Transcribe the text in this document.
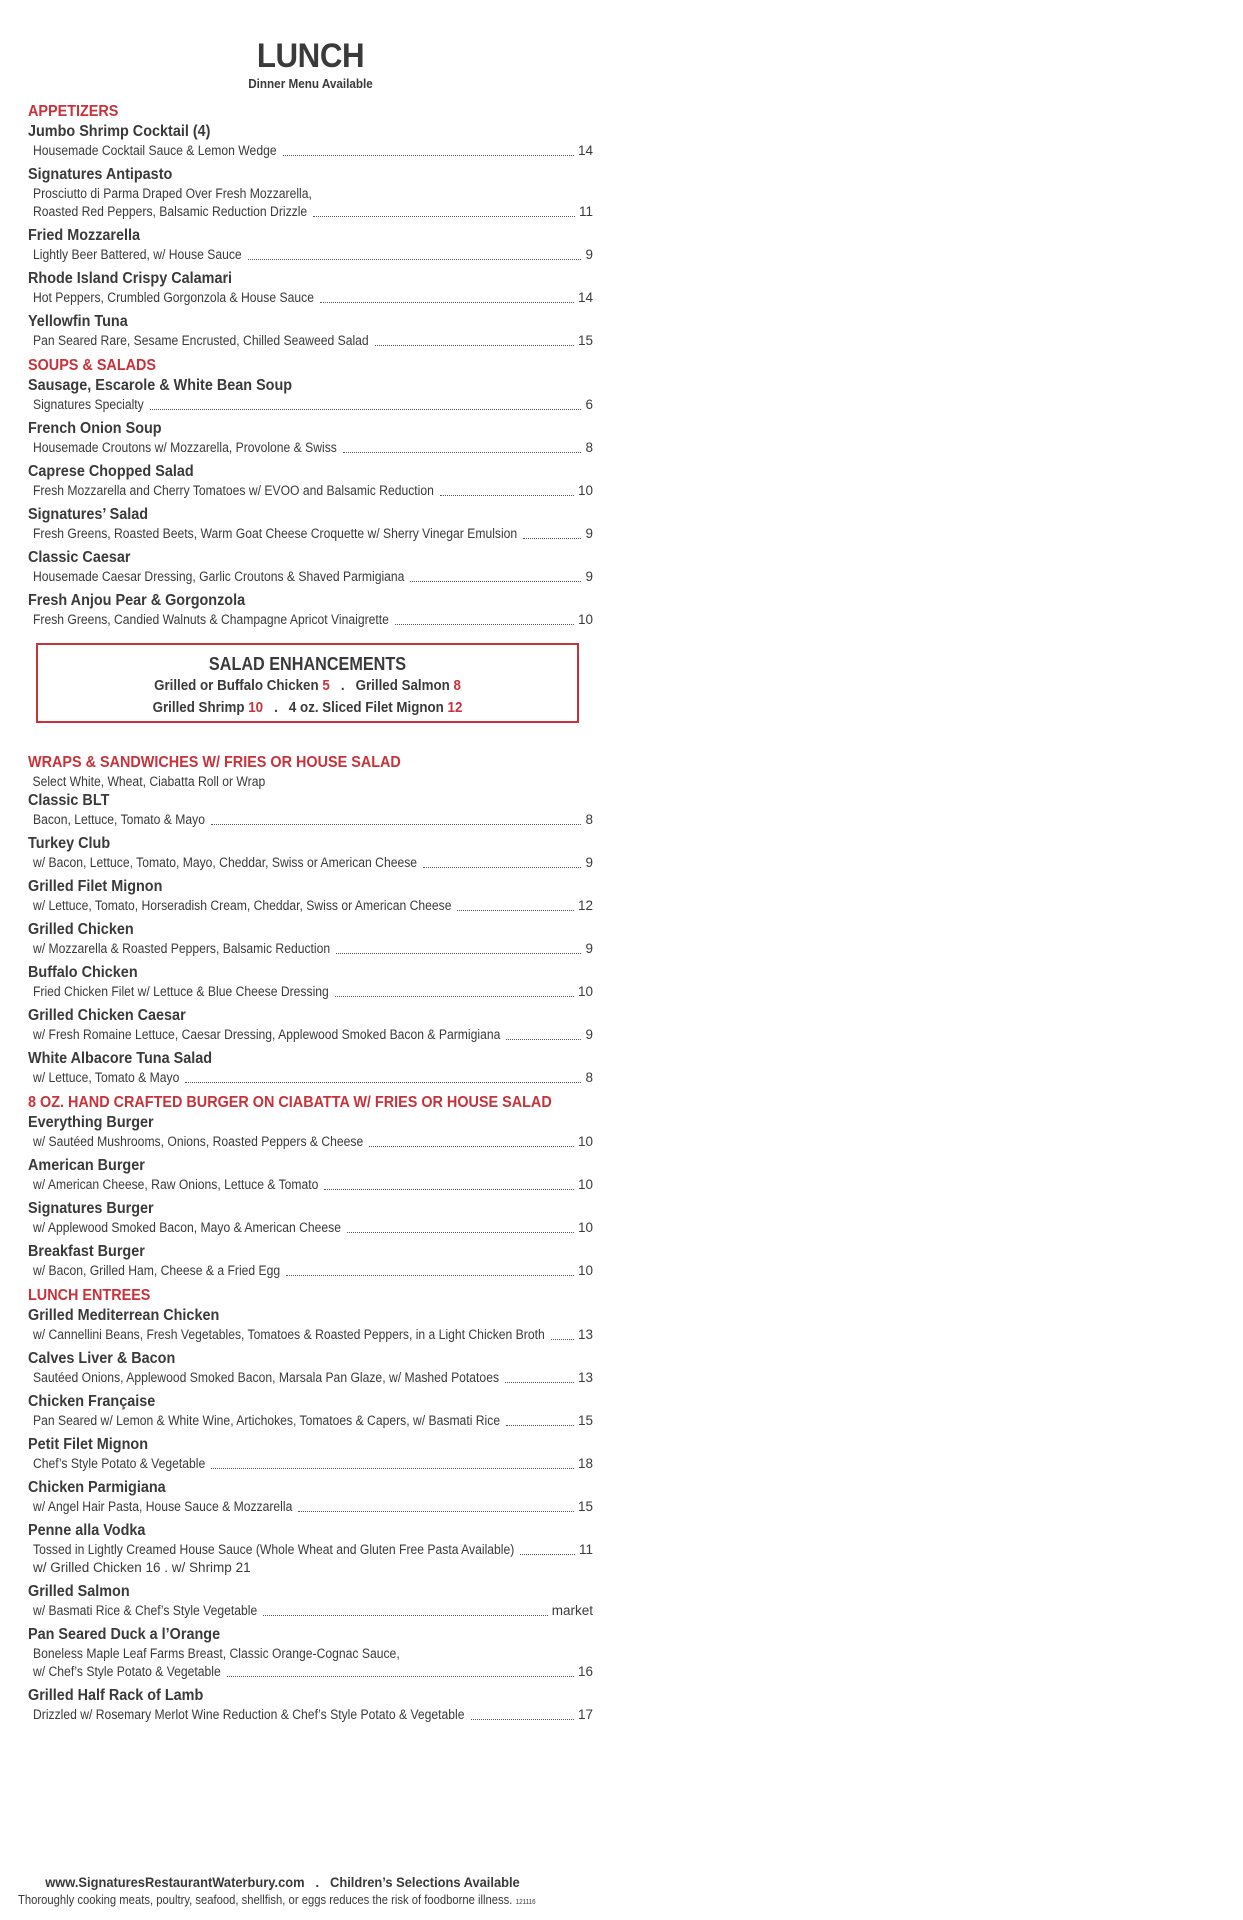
LUNCH
Dinner Menu Available
APPETIZERS
Jumbo Shrimp Cocktail (4)
Housemade Cocktail Sauce & Lemon Wedge	14
Signatures Antipasto
Prosciutto di Parma Draped Over Fresh Mozzarella,
Roasted Red Peppers, Balsamic Reduction Drizzle	11
Fried Mozzarella
Lightly Beer Battered, w/ House Sauce	9
Rhode Island Crispy Calamari
Hot Peppers, Crumbled Gorgonzola & House Sauce	14
Yellowfin Tuna
Pan Seared Rare, Sesame Encrusted, Chilled Seaweed Salad	15
SOUPS & SALADS
Sausage, Escarole & White Bean Soup
Signatures Specialty	6
French Onion Soup
Housemade Croutons w/ Mozzarella, Provolone & Swiss	8
Caprese Chopped Salad
Fresh Mozzarella and Cherry Tomatoes w/ EVOO and Balsamic Reduction	10
Signatures’ Salad
Fresh Greens, Roasted Beets, Warm Goat Cheese Croquette w/ Sherry Vinegar Emulsion	9
Classic Caesar
Housemade Caesar Dressing, Garlic Croutons & Shaved Parmigiana	9
Fresh Anjou Pear & Gorgonzola
Fresh Greens, Candied Walnuts & Champagne Apricot Vinaigrette	10
SALAD ENHANCEMENTS
Grilled or Buffalo Chicken 5 . Grilled Salmon 8
Grilled Shrimp 10 . 4 oz. Sliced Filet Mignon 12
WRAPS & SANDWICHES W/ FRIES OR HOUSE SALAD
Select White, Wheat, Ciabatta Roll or Wrap
Classic BLT
Bacon, Lettuce, Tomato & Mayo	8
Turkey Club
w/ Bacon, Lettuce, Tomato, Mayo, Cheddar, Swiss or American Cheese	9
Grilled Filet Mignon
w/ Lettuce, Tomato, Horseradish Cream, Cheddar, Swiss or American Cheese	12
Grilled Chicken
w/ Mozzarella & Roasted Peppers, Balsamic Reduction	9
Buffalo Chicken
Fried Chicken Filet w/ Lettuce & Blue Cheese Dressing	10
Grilled Chicken Caesar
w/ Fresh Romaine Lettuce, Caesar Dressing, Applewood Smoked Bacon & Parmigiana	9
White Albacore Tuna Salad
w/ Lettuce, Tomato & Mayo	8
8 OZ. HAND CRAFTED BURGER ON CIABATTA W/ FRIES OR HOUSE SALAD
Everything Burger
w/ Sautéed Mushrooms, Onions, Roasted Peppers & Cheese	10
American Burger
w/ American Cheese, Raw Onions, Lettuce & Tomato	10
Signatures Burger
w/ Applewood Smoked Bacon, Mayo & American Cheese	10
Breakfast Burger
w/ Bacon, Grilled Ham, Cheese & a Fried Egg	10
LUNCH ENTREES
Grilled Mediterrean Chicken
w/ Cannellini Beans, Fresh Vegetables, Tomatoes & Roasted Peppers, in a Light Chicken Broth 13
Calves Liver & Bacon
Sautéed Onions, Applewood Smoked Bacon, Marsala Pan Glaze, w/ Mashed Potatoes	13
Chicken Française
Pan Seared w/ Lemon & White Wine, Artichokes, Tomatoes & Capers, w/ Basmati Rice	15
Petit Filet Mignon
Chef’s Style Potato & Vegetable	18
Chicken Parmigiana
w/ Angel Hair Pasta, House Sauce & Mozzarella	15
Penne alla Vodka
Tossed in Lightly Creamed House Sauce (Whole Wheat and Gluten Free Pasta Available)	11
w/ Grilled Chicken 16 . w/ Shrimp 21
Grilled Salmon
w/ Basmati Rice & Chef’s Style Vegetable	market
Pan Seared Duck a l’Orange
Boneless Maple Leaf Farms Breast, Classic Orange-Cognac Sauce,
w/ Chef’s Style Potato & Vegetable	16
Grilled Half Rack of Lamb
Drizzled w/ Rosemary Merlot Wine Reduction & Chef’s Style Potato & Vegetable	17
www.SignaturesRestaurantWaterbury.com . Children’s Selections Available
Thoroughly cooking meats, poultry, seafood, shellfish, or eggs reduces the risk of foodborne illness. 121116
